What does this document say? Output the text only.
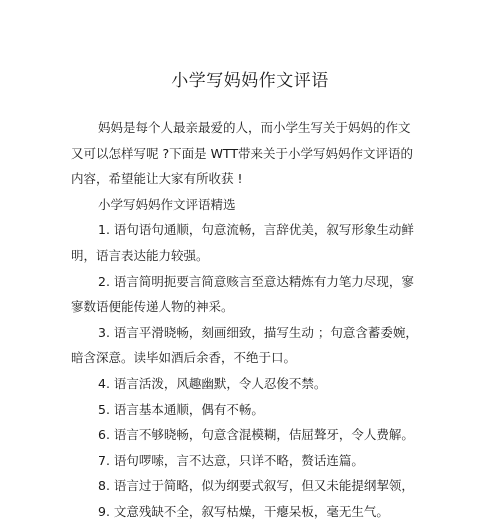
小学写妈妈作文评语

妈妈是每个人最亲最爱的人，而小学生写关于妈妈的作文
又可以怎样写呢 ?下面是 WTT带来关于小学写妈妈作文评语的
内容，希望能让大家有所收获 !

小学写妈妈作文评语精选

1. 语句语句通顺，句意流畅，言辞优美，叙写形象生动鲜
明，语言表达能力较强。

2. 语言简明扼要言简意赅言至意达精炼有力笔力尽现，寥
寥数语便能传递人物的神采。

3. 语言平滑晓畅，刻画细致，描写生动 ；句意含蓄委婉，
暗含深意。读毕如酒后余香，不绝于口。

4. 语言活泼，风趣幽默，令人忍俊不禁。

5. 语言基本通顺，偶有不畅。

6. 语言不够晓畅，句意含混模糊，佶屈聱牙，令人费解。

7. 语句啰嗦，言不达意，只详不略，赘话连篇。

8. 语言过于简略，似为纲要式叙写，但又未能提纲挈领，

9. 文意残缺不全，叙写枯燥，干瘪呆板，毫无生气。
